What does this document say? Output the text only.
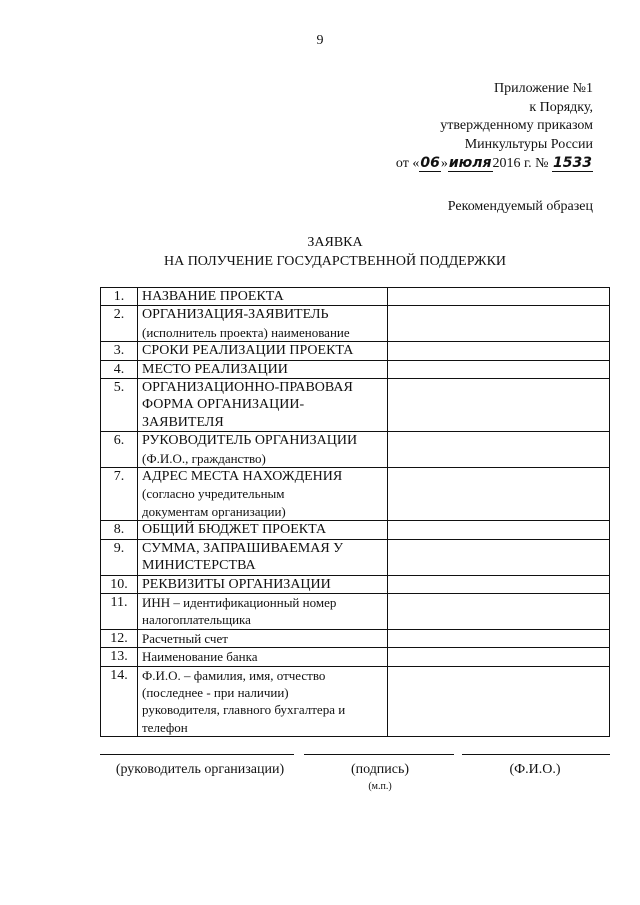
9
Приложение №1
к Порядку,
утвержденному приказом
Минкультуры России
от «06»июля2016 г. № 1533
Рекомендуемый образец
ЗАЯВКА
НА ПОЛУЧЕНИЕ ГОСУДАРСТВЕННОЙ ПОДДЕРЖКИ
1.	НАЗВАНИЕ ПРОЕКТА	

2.	ОРГАНИЗАЦИЯ-ЗАЯВИТЕЛЬ
(исполнитель проекта) наименование	

3.	СРОКИ РЕАЛИЗАЦИИ ПРОЕКТА	

4.	МЕСТО РЕАЛИЗАЦИИ	

5.	ОРГАНИЗАЦИОННО-ПРАВОВАЯ
ФОРМА ОРГАНИЗАЦИИ-
ЗАЯВИТЕЛЯ	

6.	РУКОВОДИТЕЛЬ ОРГАНИЗАЦИИ
(Ф.И.О., гражданство)	

7.	АДРЕС МЕСТА НАХОЖДЕНИЯ
(согласно учредительным
документам организации)	

8.	ОБЩИЙ БЮДЖЕТ ПРОЕКТА	

9.	СУММА, ЗАПРАШИВАЕМАЯ У
МИНИСТЕРСТВА	

10.	РЕКВИЗИТЫ ОРГАНИЗАЦИИ	

11.	ИНН – идентификационный номер
налогоплательщика	

12.	Расчетный счет	

13.	Наименование банка	

14.	Ф.И.О. – фамилия, имя, отчество
(последнее - при наличии)
руководителя, главного бухгалтера и
телефон	

(руководитель организации)	(подпись)
(м.п.)
(Ф.И.О.)
